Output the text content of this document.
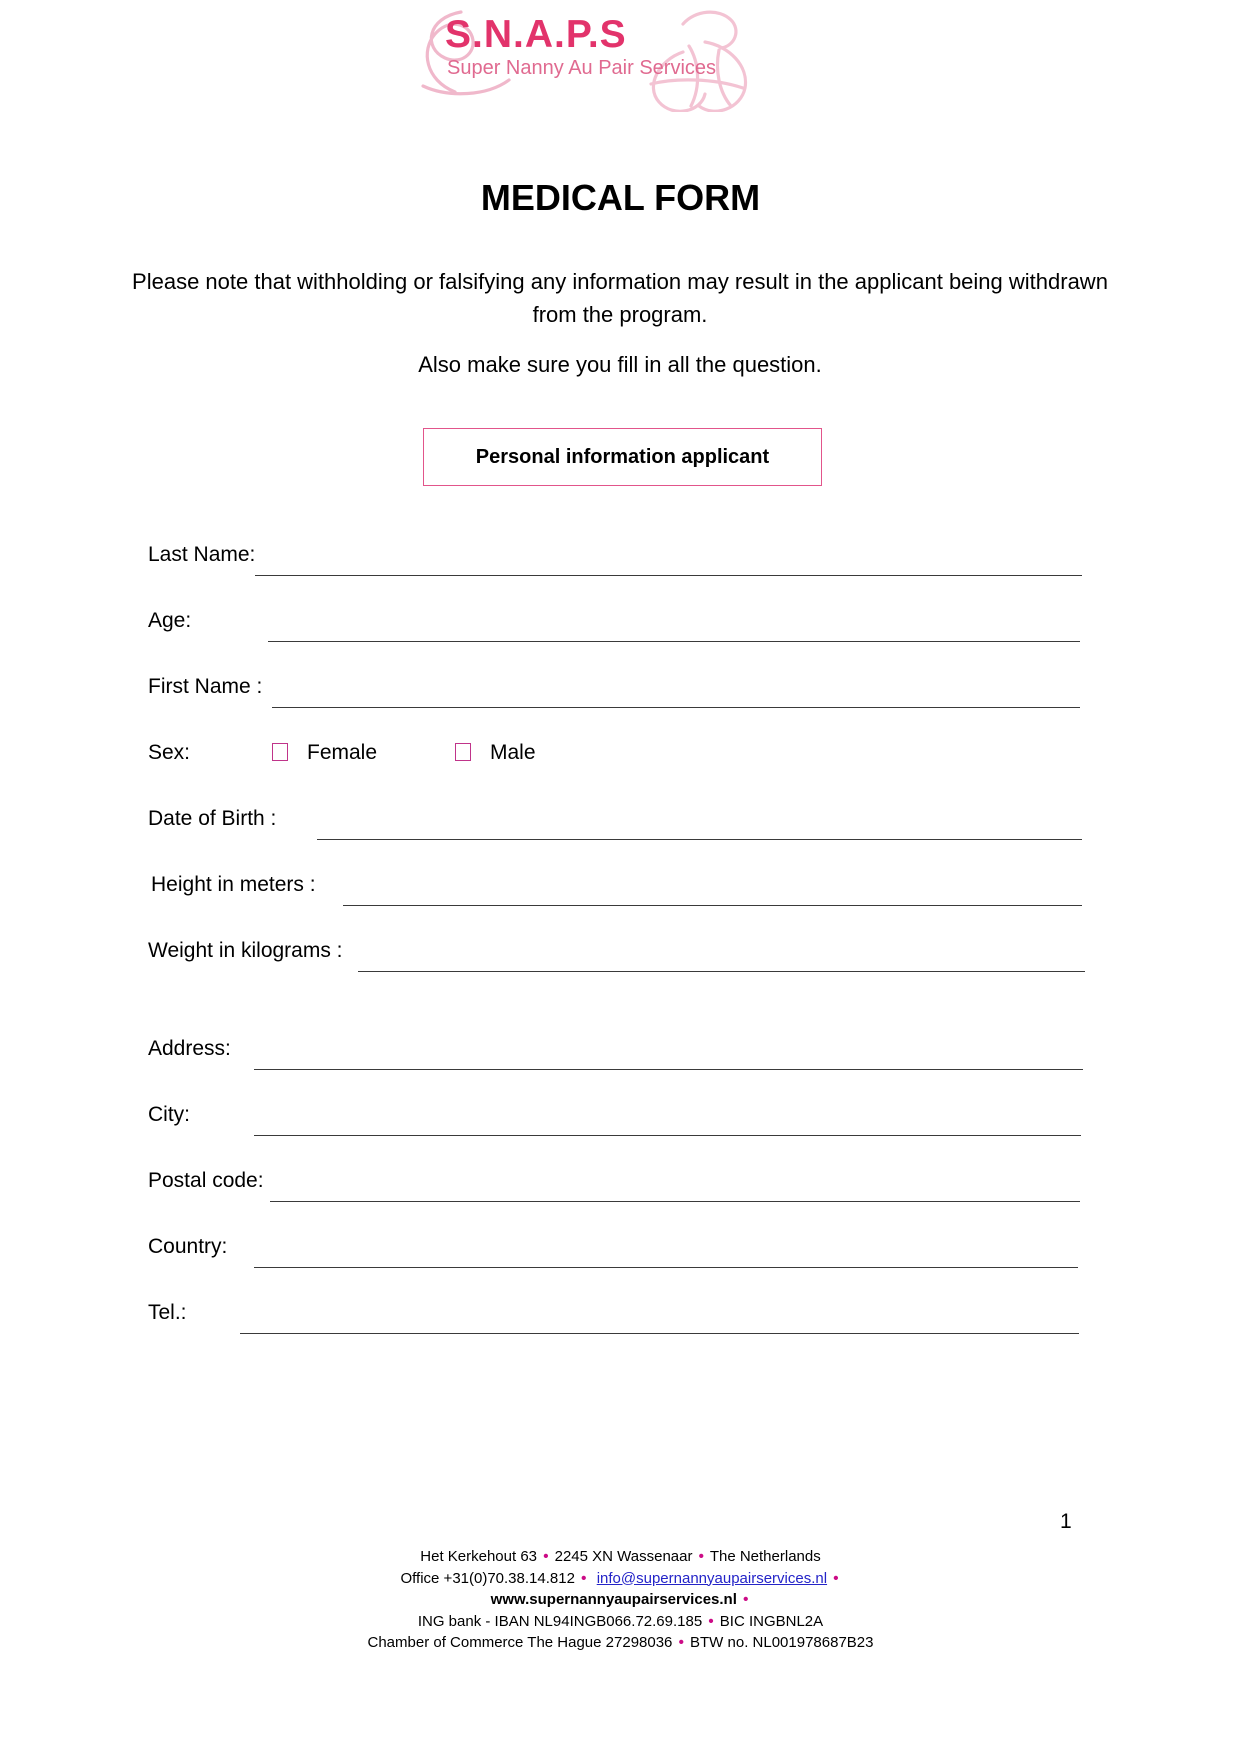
S.N.A.P.S
Super Nanny Au Pair Services
MEDICAL FORM
Please note that withholding or falsifying any information may result in the applicant being withdrawn from the program.
Also make sure you fill in all the question.
Personal information applicant
Last Name:
Age:
First Name :
Sex:	Female	Male
Date of Birth :
Height in meters :
Weight in kilograms :
Address:
City:
Postal code:
Country:
Tel.:
1
Het Kerkehout 63 • 2245 XN Wassenaar • The Netherlands
Office +31(0)70.38.14.812 • info@supernannyaupairservices.nl •
www.supernannyaupairservices.nl •
ING bank - IBAN NL94INGB066.72.69.185 • BIC INGBNL2A
Chamber of Commerce The Hague 27298036 • BTW no. NL001978687B23
